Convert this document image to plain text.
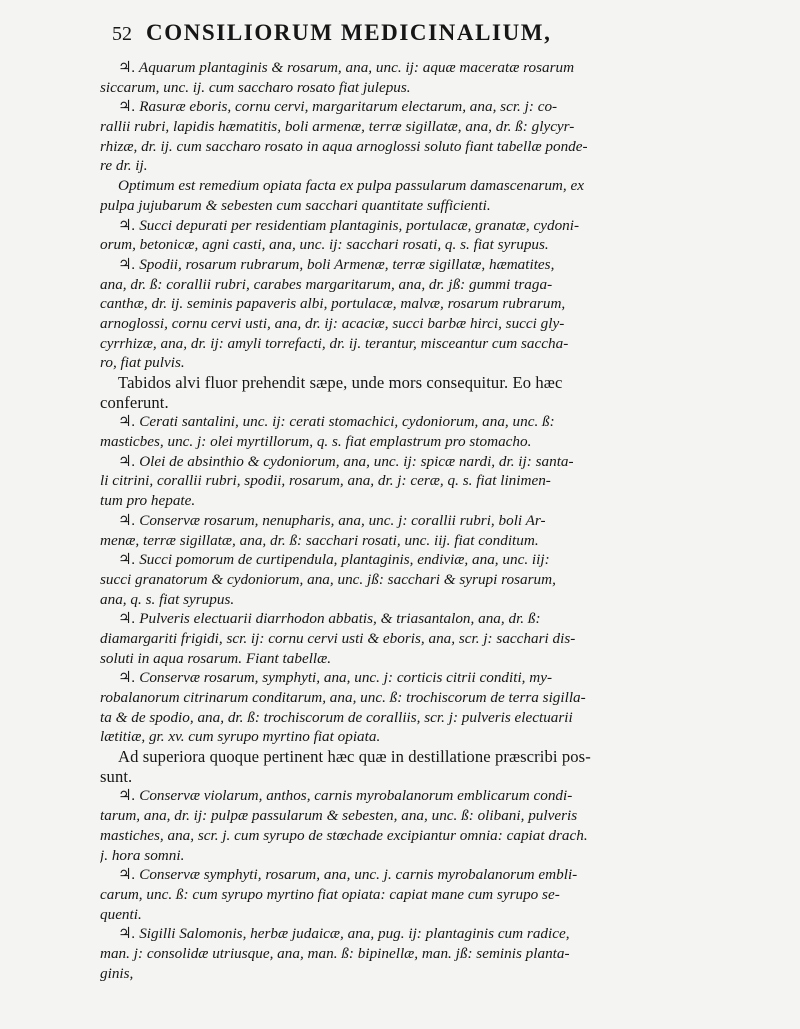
52 CONSILIORUM MEDICINALIUM,
♃. Aquarum plantaginis & rosarum, ana, unc. ij: aquæ maceratæ rosarum
siccarum, unc. ij. cum saccharo rosato fiat julepus.
♃. Rasuræ eboris, cornu cervi, margaritarum electarum, ana, scr. j: co-
rallii rubri, lapidis hæmatitis, boli armenæ, terræ sigillatæ, ana, dr. ß: glycyr-
rhizæ, dr. ij. cum saccharo rosato in aqua arnoglossi soluto fiant tabellæ ponde-
re dr. ij.
Optimum est remedium opiata facta ex pulpa passularum damascenarum, ex
pulpa jujubarum & sebesten cum sacchari quantitate sufficienti.
♃. Succi depurati per residentiam plantaginis, portulacæ, granatæ, cydoni-
orum, betonicæ, agni casti, ana, unc. ij: sacchari rosati, q. s. fiat syrupus.
♃. Spodii, rosarum rubrarum, boli Armenæ, terræ sigillatæ, hæmatites,
ana, dr. ß: corallii rubri, carabes margaritarum, ana, dr. jß: gummi traga-
canthæ, dr. ij. seminis papaveris albi, portulacæ, malvæ, rosarum rubrarum,
arnoglossi, cornu cervi usti, ana, dr. ij: acaciæ, succi barbæ hirci, succi gly-
cyrrhizæ, ana, dr. ij: amyli torrefacti, dr. ij. terantur, misceantur cum saccha-
ro, fiat pulvis.
Tabidos alvi fluor prehendit sæpe, unde mors consequitur. Eo hæc
conferunt.
♃. Cerati santalini, unc. ij: cerati stomachici, cydoniorum, ana, unc. ß:
masticbes, unc. j: olei myrtillorum, q. s. fiat emplastrum pro stomacho.
♃. Olei de absinthio & cydoniorum, ana, unc. ij: spicæ nardi, dr. ij: santa-
li citrini, corallii rubri, spodii, rosarum, ana, dr. j: ceræ, q. s. fiat linimen-
tum pro hepate.
♃. Conservæ rosarum, nenupharis, ana, unc. j: corallii rubri, boli Ar-
menæ, terræ sigillatæ, ana, dr. ß: sacchari rosati, unc. iij. fiat conditum.
♃. Succi pomorum de curtipendula, plantaginis, endiviæ, ana, unc. iij:
succi granatorum & cydoniorum, ana, unc. jß: sacchari & syrupi rosarum,
ana, q. s. fiat syrupus.
♃. Pulveris electuarii diarrhodon abbatis, & triasantalon, ana, dr. ß:
diamargariti frigidi, scr. ij: cornu cervi usti & eboris, ana, scr. j: sacchari dis-
soluti in aqua rosarum. Fiant tabellæ.
♃. Conservæ rosarum, symphyti, ana, unc. j: corticis citrii conditi, my-
robalanorum citrinarum conditarum, ana, unc. ß: trochiscorum de terra sigilla-
ta & de spodio, ana, dr. ß: trochiscorum de coralliis, scr. j: pulveris electuarii
lætitiæ, gr. xv. cum syrupo myrtino fiat opiata.
Ad superiora quoque pertinent hæc quæ in destillatione præscribi pos-
sunt.
♃. Conservæ violarum, anthos, carnis myrobalanorum emblicarum condi-
tarum, ana, dr. ij: pulpæ passularum & sebesten, ana, unc. ß: olibani, pulveris
mastiches, ana, scr. j. cum syrupo de stœchade excipiantur omnia: capiat drach.
j. hora somni.
♃. Conservæ symphyti, rosarum, ana, unc. j. carnis myrobalanorum embli-
carum, unc. ß: cum syrupo myrtino fiat opiata: capiat mane cum syrupo se-
quenti.
♃. Sigilli Salomonis, herbæ judaicæ, ana, pug. ij: plantaginis cum radice,
man. j: consolidæ utriusque, ana, man. ß: bipinellæ, man. jß: seminis planta-
ginis,
